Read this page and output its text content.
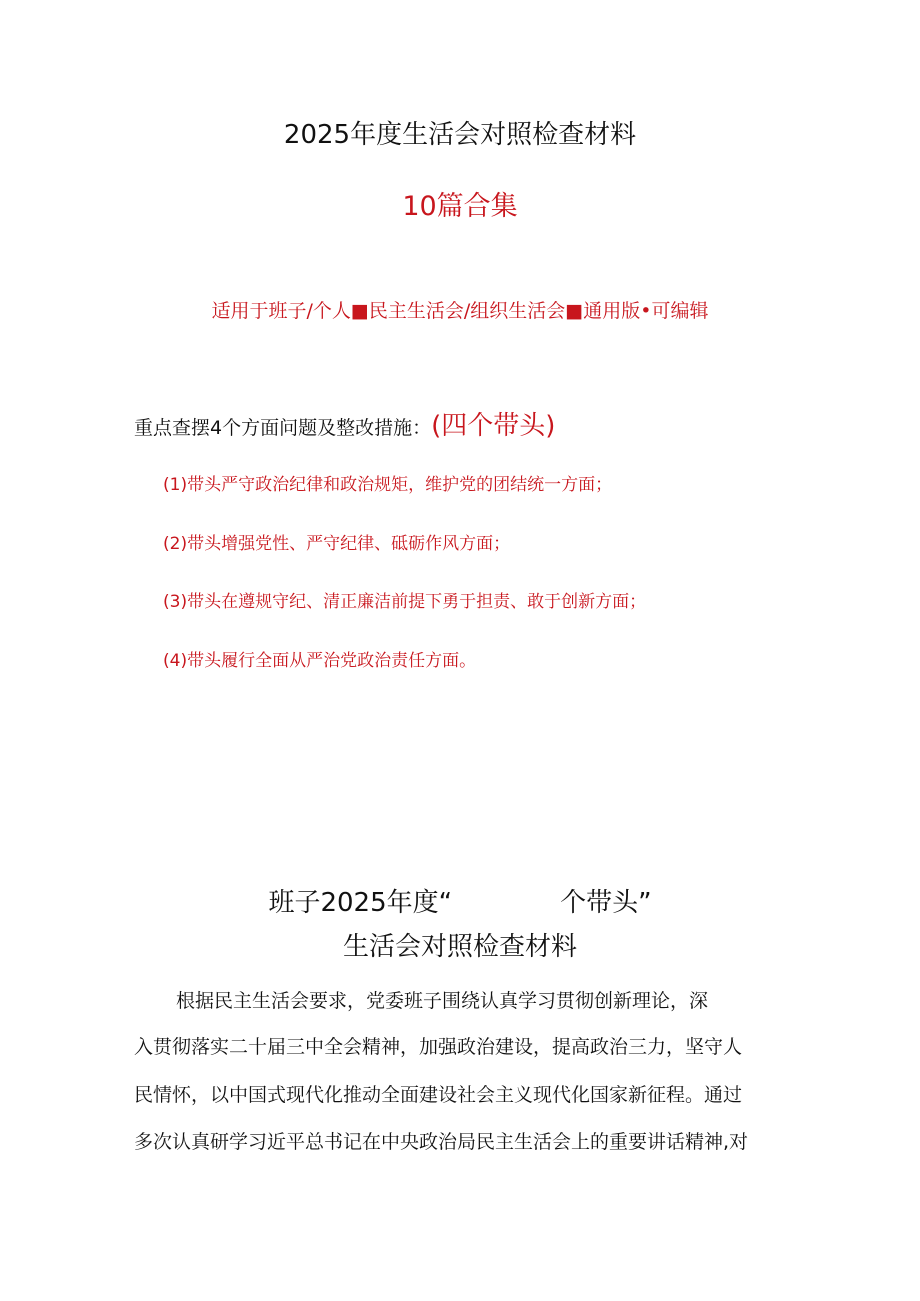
2025年度生活会对照检查材料
10篇合集
适用于班子/个人■民主生活会/组织生活会■通用版•可编辑
重点查摆4个方面问题及整改措施：(四个带头)
(1)带头严守政治纪律和政治规矩，维护党的团结统一方面；
(2)带头增强党性、严守纪律、砥砺作风方面；
(3)带头在遵规守纪、清正廉洁前提下勇于担责、敢于创新方面；
(4)带头履行全面从严治党政治责任方面。
班子2025年度“	个带头”
生活会对照检查材料
根据民主生活会要求，党委班子围绕认真学习贯彻创新理论，深
入贯彻落实二十届三中全会精神，加强政治建设，提高政治三力，坚守人
民情怀，以中国式现代化推动全面建设社会主义现代化国家新征程。通过
多次认真研学习近平总书记在中央政治局民主生活会上的重要讲话精神,对
